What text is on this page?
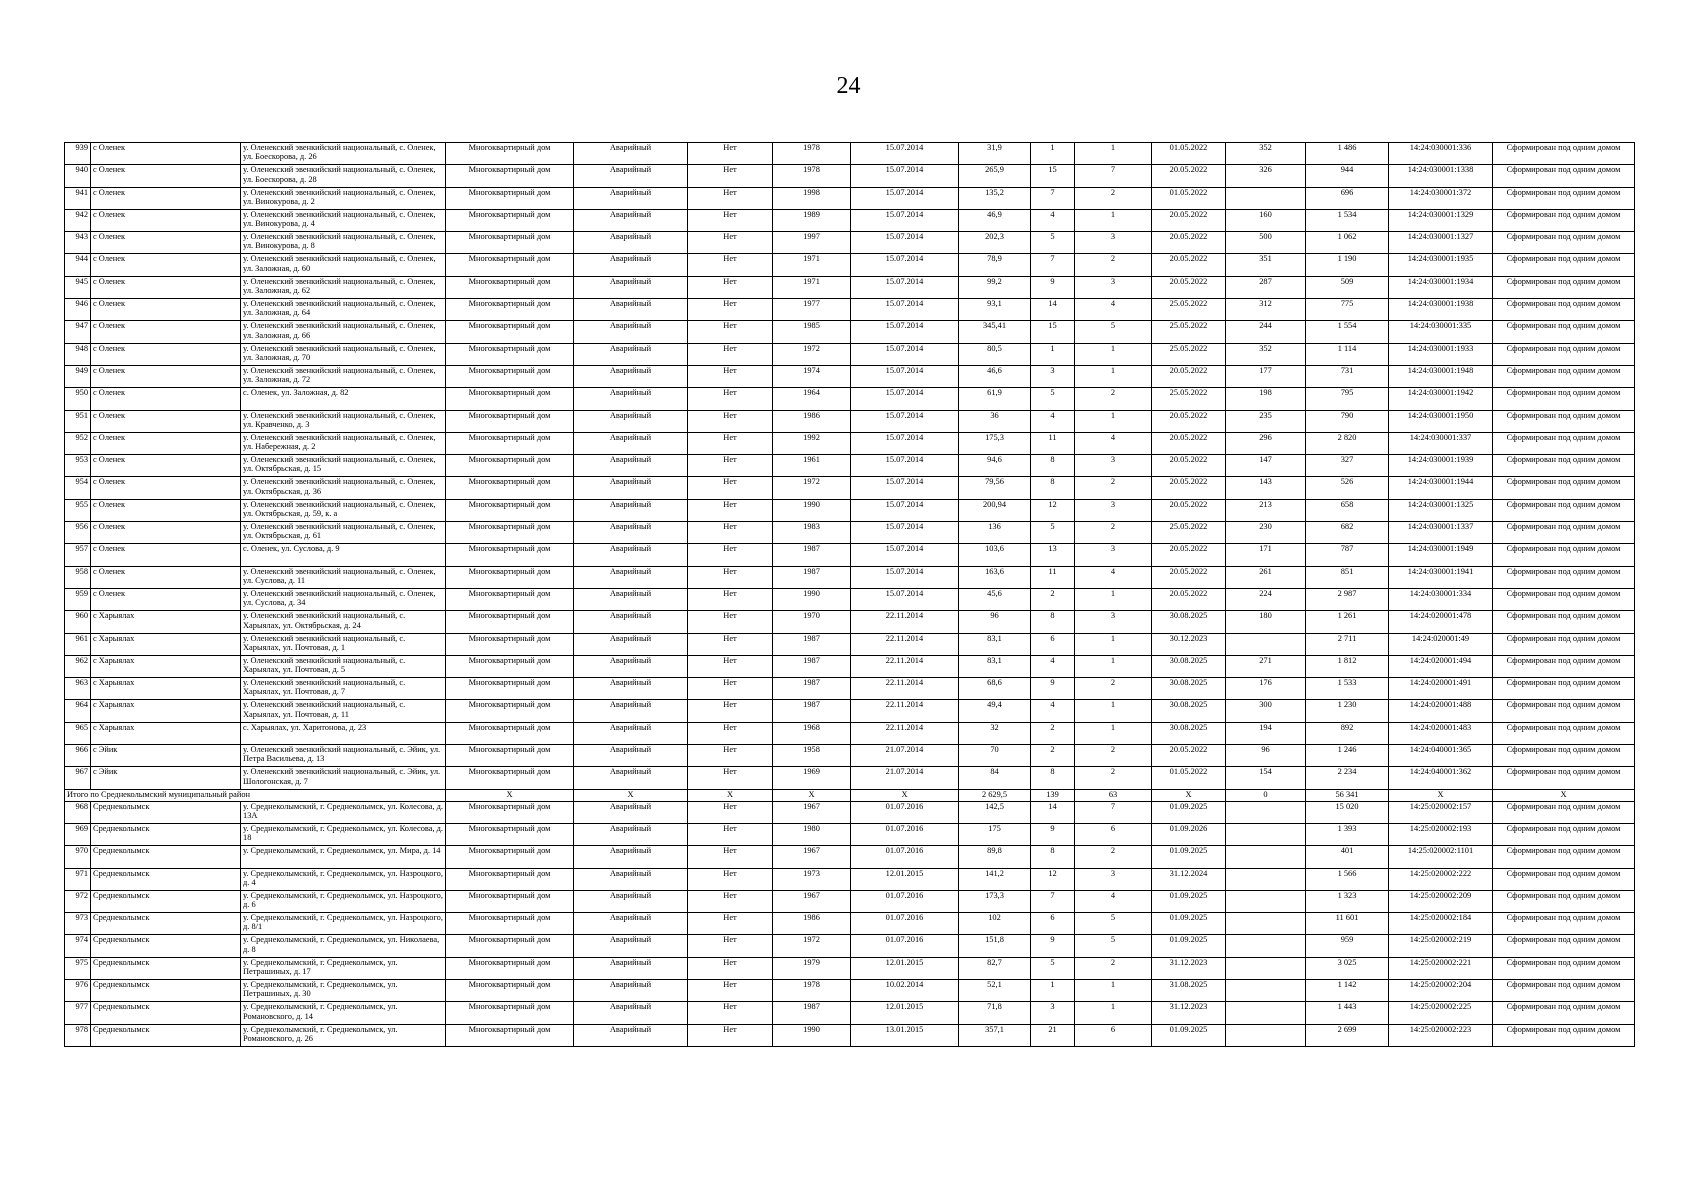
24
939	с Оленек	у. Оленекский эвенкийский национальный, с. Оленек, ул. Боескорова, д. 26	Многоквартирный дом	Аварийный	Нет	1978	15.07.2014	31,9	1	1	01.05.2022	352	1 486	14:24:030001:336	Сформирован под одним домом
940	с Оленек	у. Оленекский эвенкийский национальный, с. Оленек, ул. Боескорова, д. 28	Многоквартирный дом	Аварийный	Нет	1978	15.07.2014	265,9	15	7	20.05.2022	326	944	14:24:030001:1338	Сформирован под одним домом
941	с Оленек	у. Оленекский эвенкийский национальный, с. Оленек, ул. Винокурова, д. 2	Многоквартирный дом	Аварийный	Нет	1998	15.07.2014	135,2	7	2	01.05.2022		696	14:24:030001:372	Сформирован под одним домом
942	с Оленек	у. Оленекский эвенкийский национальный, с. Оленек, ул. Винокурова, д. 4	Многоквартирный дом	Аварийный	Нет	1989	15.07.2014	46,9	4	1	20.05.2022	160	1 534	14:24:030001:1329	Сформирован под одним домом
943	с Оленек	у. Оленекский эвенкийский национальный, с. Оленек, ул. Винокурова, д. 8	Многоквартирный дом	Аварийный	Нет	1997	15.07.2014	202,3	5	3	20.05.2022	500	1 062	14:24:030001:1327	Сформирован под одним домом
944	с Оленек	у. Оленекский эвенкийский национальный, с. Оленек, ул. Заложная, д. 60	Многоквартирный дом	Аварийный	Нет	1971	15.07.2014	78,9	7	2	20.05.2022	351	1 190	14:24:030001:1935	Сформирован под одним домом
945	с Оленек	у. Оленекский эвенкийский национальный, с. Оленек, ул. Заложная, д. 62	Многоквартирный дом	Аварийный	Нет	1971	15.07.2014	99,2	9	3	20.05.2022	287	509	14:24:030001:1934	Сформирован под одним домом
946	с Оленек	у. Оленекский эвенкийский национальный, с. Оленек, ул. Заложная, д. 64	Многоквартирный дом	Аварийный	Нет	1977	15.07.2014	93,1	14	4	25.05.2022	312	775	14:24:030001:1938	Сформирован под одним домом
947	с Оленек	у. Оленекский эвенкийский национальный, с. Оленек, ул. Заложная, д. 66	Многоквартирный дом	Аварийный	Нет	1985	15.07.2014	345,41	15	5	25.05.2022	244	1 554	14:24:030001:335	Сформирован под одним домом
948	с Оленек	у. Оленекский эвенкийский национальный, с. Оленек, ул. Заложная, д. 70	Многоквартирный дом	Аварийный	Нет	1972	15.07.2014	80,5	1	1	25.05.2022	352	1 114	14:24:030001:1933	Сформирован под одним домом
949	с Оленек	у. Оленекский эвенкийский национальный, с. Оленек, ул. Заложная, д. 72	Многоквартирный дом	Аварийный	Нет	1974	15.07.2014	46,6	3	1	20.05.2022	177	731	14:24:030001:1948	Сформирован под одним домом
950	с Оленек	с. Оленек, ул. Заложная, д. 82	Многоквартирный дом	Аварийный	Нет	1964	15.07.2014	61,9	5	2	25.05.2022	198	795	14:24:030001:1942	Сформирован под одним домом
951	с Оленек	у. Оленекский эвенкийский национальный, с. Оленек, ул. Кравченко, д. 3	Многоквартирный дом	Аварийный	Нет	1986	15.07.2014	36	4	1	20.05.2022	235	790	14:24:030001:1950	Сформирован под одним домом
952	с Оленек	у. Оленекский эвенкийский национальный, с. Оленек, ул. Набережная, д. 2	Многоквартирный дом	Аварийный	Нет	1992	15.07.2014	175,3	11	4	20.05.2022	296	2 820	14:24:030001:337	Сформирован под одним домом
953	с Оленек	у. Оленекский эвенкийский национальный, с. Оленек, ул. Октябрьская, д. 15	Многоквартирный дом	Аварийный	Нет	1961	15.07.2014	94,6	8	3	20.05.2022	147	327	14:24:030001:1939	Сформирован под одним домом
954	с Оленек	у. Оленекский эвенкийский национальный, с. Оленек, ул. Октябрьская, д. 36	Многоквартирный дом	Аварийный	Нет	1972	15.07.2014	79,56	8	2	20.05.2022	143	526	14:24:030001:1944	Сформирован под одним домом
955	с Оленек	у. Оленекский эвенкийский национальный, с. Оленек, ул. Октябрьская, д. 59, к. а	Многоквартирный дом	Аварийный	Нет	1990	15.07.2014	200,94	12	3	20.05.2022	213	658	14:24:030001:1325	Сформирован под одним домом
956	с Оленек	у. Оленекский эвенкийский национальный, с. Оленек, ул. Октябрьская, д. 61	Многоквартирный дом	Аварийный	Нет	1983	15.07.2014	136	5	2	25.05.2022	230	682	14:24:030001:1337	Сформирован под одним домом
957	с Оленек	с. Оленек, ул. Суслова, д. 9	Многоквартирный дом	Аварийный	Нет	1987	15.07.2014	103,6	13	3	20.05.2022	171	787	14:24:030001:1949	Сформирован под одним домом
958	с Оленек	у. Оленекский эвенкийский национальный, с. Оленек, ул. Суслова, д. 11	Многоквартирный дом	Аварийный	Нет	1987	15.07.2014	163,6	11	4	20.05.2022	261	851	14:24:030001:1941	Сформирован под одним домом
959	с Оленек	у. Оленекский эвенкийский национальный, с. Оленек, ул. Суслова, д. 34	Многоквартирный дом	Аварийный	Нет	1990	15.07.2014	45,6	2	1	20.05.2022	224	2 987	14:24:030001:334	Сформирован под одним домом
960	с Харыялах	у. Оленекский эвенкийский национальный, с. Харыялах, ул. Октябрьская, д. 24	Многоквартирный дом	Аварийный	Нет	1970	22.11.2014	96	8	3	30.08.2025	180	1 261	14:24:020001:478	Сформирован под одним домом
961	с Харыялах	у. Оленекский эвенкийский национальный, с. Харыялах, ул. Почтовая, д. 1	Многоквартирный дом	Аварийный	Нет	1987	22.11.2014	83,1	6	1	30.12.2023		2 711	14:24:020001:49	Сформирован под одним домом
962	с Харыялах	у. Оленекский эвенкийский национальный, с. Харыялах, ул. Почтовая, д. 5	Многоквартирный дом	Аварийный	Нет	1987	22.11.2014	83,1	4	1	30.08.2025	271	1 812	14:24:020001:494	Сформирован под одним домом
963	с Харыялах	у. Оленекский эвенкийский национальный, с. Харыялах, ул. Почтовая, д. 7	Многоквартирный дом	Аварийный	Нет	1987	22.11.2014	68,6	9	2	30.08.2025	176	1 533	14:24:020001:491	Сформирован под одним домом
964	с Харыялах	у. Оленекский эвенкийский национальный, с. Харыялах, ул. Почтовая, д. 11	Многоквартирный дом	Аварийный	Нет	1987	22.11.2014	49,4	4	1	30.08.2025	300	1 230	14:24:020001:488	Сформирован под одним домом
965	с Харыялах	с. Харыялах, ул. Харитонова, д. 23	Многоквартирный дом	Аварийный	Нет	1968	22.11.2014	32	2	1	30.08.2025	194	892	14:24:020001:483	Сформирован под одним домом
966	с Эйик	у. Оленекский эвенкийский национальный, с. Эйик, ул. Петра Васильева, д. 13	Многоквартирный дом	Аварийный	Нет	1958	21.07.2014	70	2	2	20.05.2022	96	1 246	14:24:040001:365	Сформирован под одним домом
967	с Эйик	у. Оленекский эвенкийский национальный, с. Эйик, ул. Шологонская, д. 7	Многоквартирный дом	Аварийный	Нет	1969	21.07.2014	84	8	2	01.05.2022	154	2 234	14:24:040001:362	Сформирован под одним домом
Итого по Среднеколымский муниципальный район			X	X	X	X	X	2 629,5	139	63	X	0	56 341	X	X
968	Среднеколымск	у. Среднеколымский, г. Среднеколымск, ул. Колесова, д. 13А	Многоквартирный дом	Аварийный	Нет	1967	01.07.2016	142,5	14	7	01.09.2025		15 020	14:25:020002:157	Сформирован под одним домом
969	Среднеколымск	у. Среднеколымский, г. Среднеколымск, ул. Колесова, д. 18	Многоквартирный дом	Аварийный	Нет	1980	01.07.2016	175	9	6	01.09.2026		1 393	14:25:020002:193	Сформирован под одним домом
970	Среднеколымск	у. Среднеколымский, г. Среднеколымск, ул. Мира, д. 14	Многоквартирный дом	Аварийный	Нет	1967	01.07.2016	89,8	8	2	01.09.2025		401	14:25:020002:1101	Сформирован под одним домом
971	Среднеколымск	у. Среднеколымский, г. Среднеколымск, ул. Назроцкого, д. 4	Многоквартирный дом	Аварийный	Нет	1973	12.01.2015	141,2	12	3	31.12.2024		1 566	14:25:020002:222	Сформирован под одним домом
972	Среднеколымск	у. Среднеколымский, г. Среднеколымск, ул. Назроцкого, д. 6	Многоквартирный дом	Аварийный	Нет	1967	01.07.2016	173,3	7	4	01.09.2025		1 323	14:25:020002:209	Сформирован под одним домом
973	Среднеколымск	у. Среднеколымский, г. Среднеколымск, ул. Назроцкого, д. 8/1	Многоквартирный дом	Аварийный	Нет	1986	01.07.2016	102	6	5	01.09.2025		11 601	14:25:020002:184	Сформирован под одним домом
974	Среднеколымск	у. Среднеколымский, г. Среднеколымск, ул. Николаева, д. 8	Многоквартирный дом	Аварийный	Нет	1972	01.07.2016	151,8	9	5	01.09.2025		959	14:25:020002:219	Сформирован под одним домом
975	Среднеколымск	у. Среднеколымский, г. Среднеколымск, ул. Петрашиных, д. 17	Многоквартирный дом	Аварийный	Нет	1979	12.01.2015	82,7	5	2	31.12.2023		3 025	14:25:020002:221	Сформирован под одним домом
976	Среднеколымск	у. Среднеколымский, г. Среднеколымск, ул. Петрашиных, д. 30	Многоквартирный дом	Аварийный	Нет	1978	10.02.2014	52,1	1	1	31.08.2025		1 142	14:25:020002:204	Сформирован под одним домом
977	Среднеколымск	у. Среднеколымский, г. Среднеколымск, ул. Романовского, д. 14	Многоквартирный дом	Аварийный	Нет	1987	12.01.2015	71,8	3	1	31.12.2023		1 443	14:25:020002:225	Сформирован под одним домом
978	Среднеколымск	у. Среднеколымский, г. Среднеколымск, ул. Романовского, д. 26	Многоквартирный дом	Аварийный	Нет	1990	13.01.2015	357,1	21	6	01.09.2025		2 699	14:25:020002:223	Сформирован под одним домом
